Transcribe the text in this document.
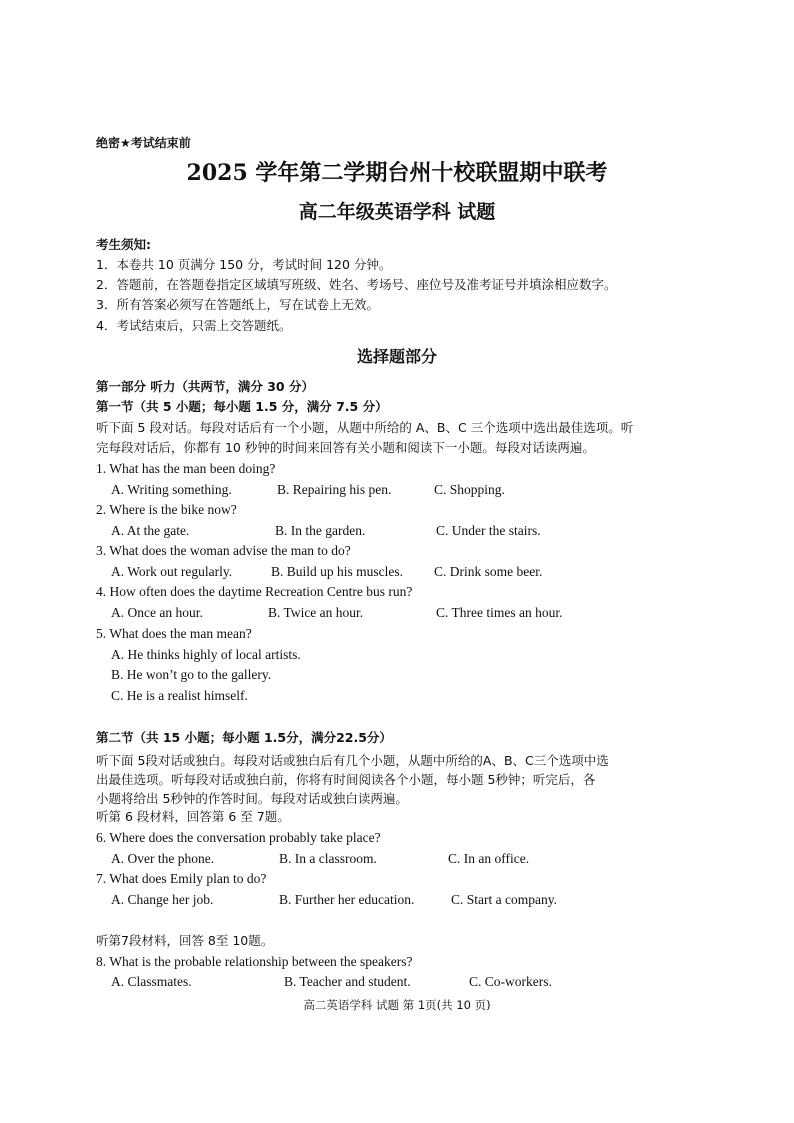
绝密★考试结束前
2025 学年第二学期台州十校联盟期中联考
高二年级英语学科 试题
考生须知:
1．本卷共 10 页满分 150 分，考试时间 120 分钟。
2．答题前，在答题卷指定区域填写班级、姓名、考场号、座位号及准考证号并填涂相应数字。
3．所有答案必须写在答题纸上，写在试卷上无效。
4．考试结束后，只需上交答题纸。
选择题部分
第一部分 听力（共两节，满分 30 分）
第一节（共 5 小题；每小题 1.5 分，满分 7.5 分）
听下面 5 段对话。每段对话后有一个小题，从题中所给的 A、B、C 三个选项中选出最佳选项。听
完每段对话后，你都有 10 秒钟的时间来回答有关小题和阅读下一小题。每段对话读两遍。
1. What has the man been doing?
A. Writing something.	B. Repairing his pen.	C. Shopping.
2. Where is the bike now?
A. At the gate.	B. In the garden.	C. Under the stairs.
3. What does the woman advise the man to do?
A. Work out regularly.	B. Build up his muscles. C. Drink some beer.
4. How often does the daytime Recreation Centre bus run?
A. Once an hour.	B. Twice an hour.	C. Three times an hour.
5. What does the man mean?
A. He thinks highly of local artists.
B. He won’t go to the gallery.
C. He is a realist himself.
第二节（共 15 小题；每小题 1.5分，满分22.5分）
听下面 5段对话或独白。每段对话或独白后有几个小题，从题中所给的A、B、C三个选项中选
出最佳选项。听每段对话或独白前，你将有时间阅读各个小题，每小题 5秒钟；听完后，各
小题将给出 5秒钟的作答时间。每段对话或独白读两遍。
听第 6 段材料，回答第 6 至 7题。
6. Where does the conversation probably take place?
A. Over the phone.	B. In a classroom.	C. In an office.
7. What does Emily plan to do?
A. Change her job.	B. Further her education.	C. Start a company.
听第7段材料，回答 8至 10题。
8. What is the probable relationship between the speakers?
A. Classmates.	B. Teacher and student.	C. Co-workers.
高二英语学科 试题 第 1页(共 10 页)
